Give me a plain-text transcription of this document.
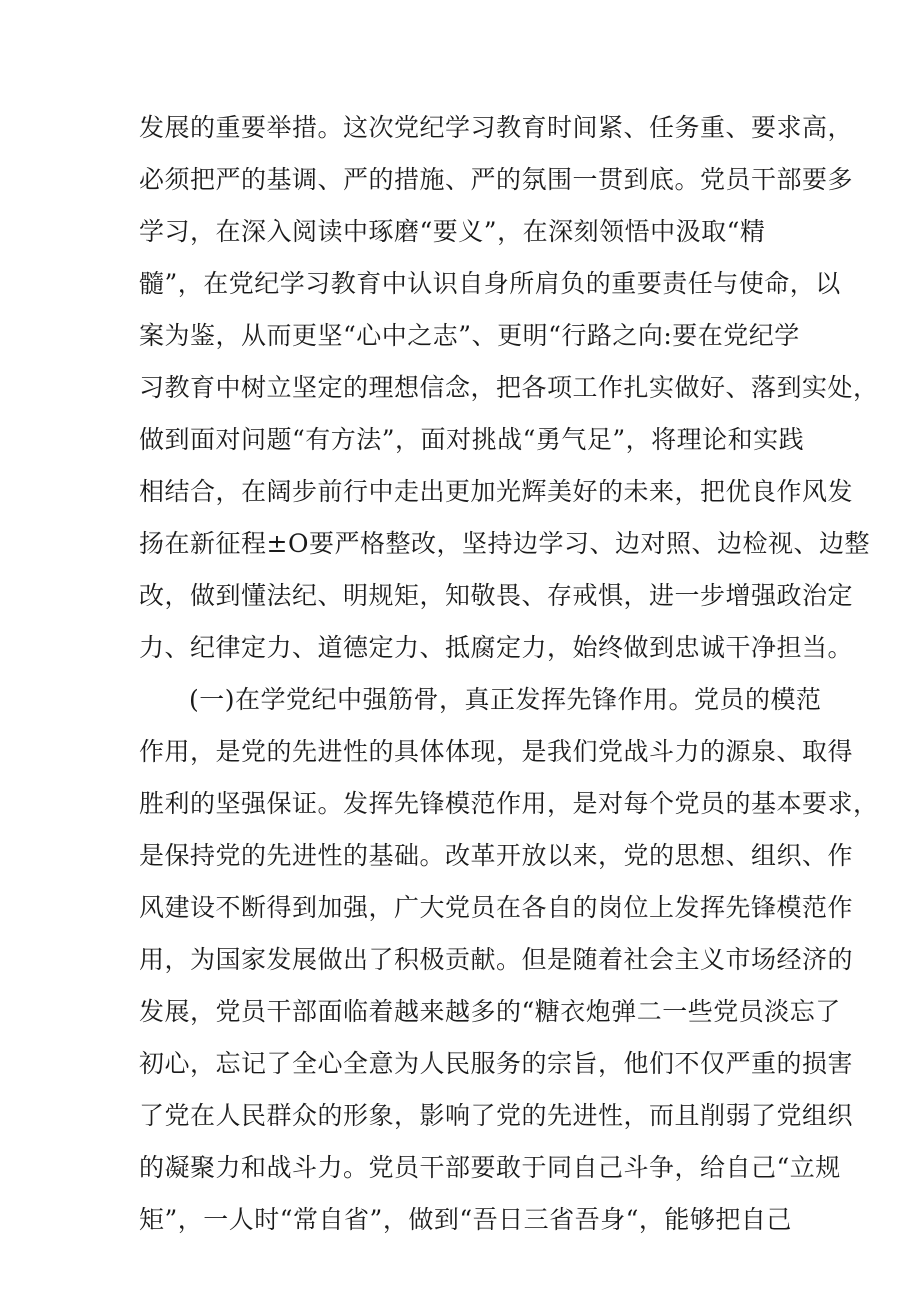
发展的重要举措。这次党纪学习教育时间紧、任务重、要求高，
必须把严的基调、严的措施、严的氛围一贯到底。党员干部要多
学习，在深入阅读中琢磨“要义”，在深刻领悟中汲取“精
髓”，在党纪学习教育中认识自身所肩负的重要责任与使命，以
案为鉴，从而更坚“心中之志”、更明“行路之向:要在党纪学
习教育中树立坚定的理想信念，把各项工作扎实做好、落到实处，
做到面对问题“有方法”，面对挑战“勇气足”，将理论和实践
相结合，在阔步前行中走出更加光辉美好的未来，把优良作风发
扬在新征程±O要严格整改，坚持边学习、边对照、边检视、边整
改，做到懂法纪、明规矩，知敬畏、存戒惧，进一步增强政治定
力、纪律定力、道德定力、抵腐定力，始终做到忠诚干净担当。
(一)在学党纪中强筋骨，真正发挥先锋作用。党员的模范
作用，是党的先进性的具体体现，是我们党战斗力的源泉、取得
胜利的坚强保证。发挥先锋模范作用，是对每个党员的基本要求，
是保持党的先进性的基础。改革开放以来，党的思想、组织、作
风建设不断得到加强，广大党员在各自的岗位上发挥先锋模范作
用，为国家发展做出了积极贡献。但是随着社会主义市场经济的
发展，党员干部面临着越来越多的“糖衣炮弹二一些党员淡忘了
初心，忘记了全心全意为人民服务的宗旨，他们不仅严重的损害
了党在人民群众的形象，影响了党的先进性，而且削弱了党组织
的凝聚力和战斗力。党员干部要敢于同自己斗争，给自己“立规
矩”，一人时“常自省”，做到“吾日三省吾身“，能够把自己
